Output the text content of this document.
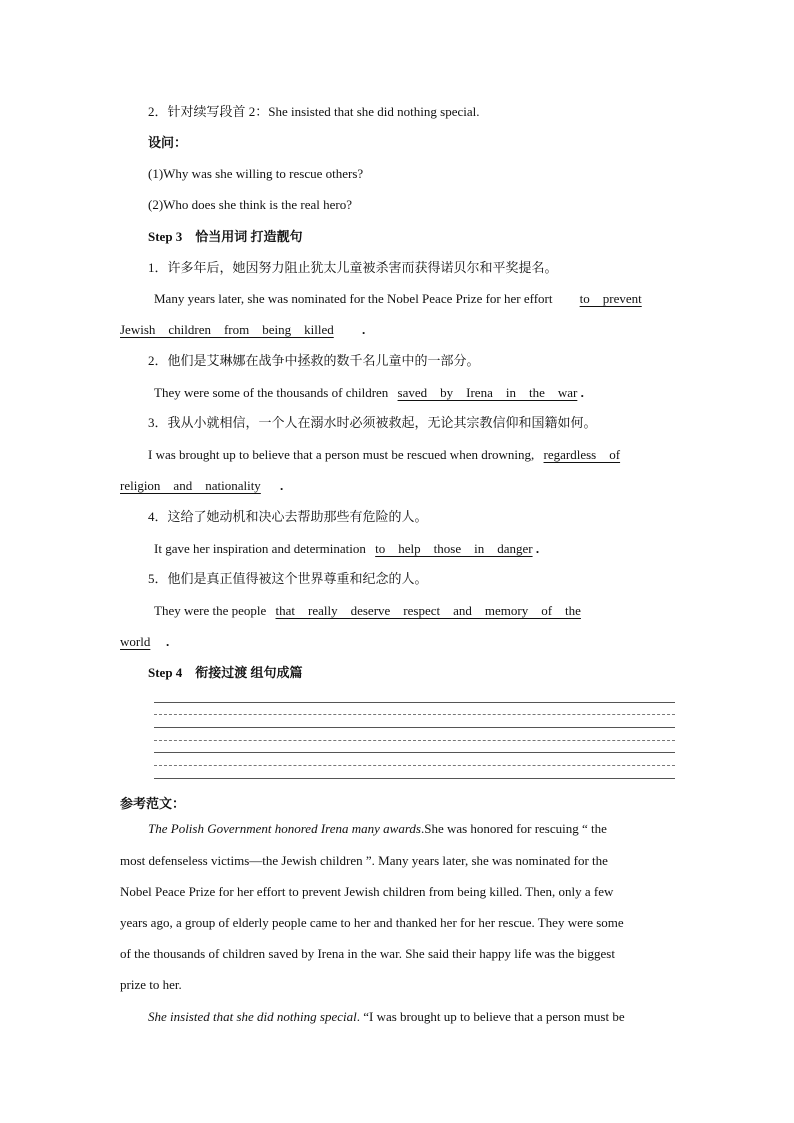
2．针对续写段首 2：She insisted that she did nothing special.
设问：
(1)Why was she willing to rescue others?
(2)Who does she think is the real hero?
Step 3　恰当用词 打造靓句
1．许多年后，她因努力阻止犹太儿童被杀害而获得诺贝尔和平奖提名。
Many years later, she was nominated for the Nobel Peace Prize for her effort to    prevent
Jewish    children    from    being    killed .
2．他们是艾琳娜在战争中拯救的数千名儿童中的一部分。
They were some of the thousands of children saved    by    Irena    in    the    war .
3．我从小就相信，一个人在溺水时必须被救起，无论其宗教信仰和国籍如何。
I was brought up to believe that a person must be rescued when drowning, regardless    of
religion    and    nationality .
4．这给了她动机和决心去帮助那些有危险的人。
It gave her inspiration and determination to    help    those    in    danger .
5．他们是真正值得被这个世界尊重和纪念的人。
They were the people that    really    deserve    respect    and    memory    of    the
world .
Step 4　衔接过渡 组句成篇
参考范文：
The Polish Government honored Irena many awards.She was honored for rescuing “ the
most defenseless victims—the Jewish children ”. Many years later, she was nominated for the
Nobel Peace Prize for her effort to prevent Jewish children from being killed. Then, only a few
years ago, a group of elderly people came to her and thanked her for her rescue. They were some
of the thousands of children saved by Irena in the war. She said their happy life was the biggest
prize to her.
She insisted that she did nothing special. “I was brought up to believe that a person must be
